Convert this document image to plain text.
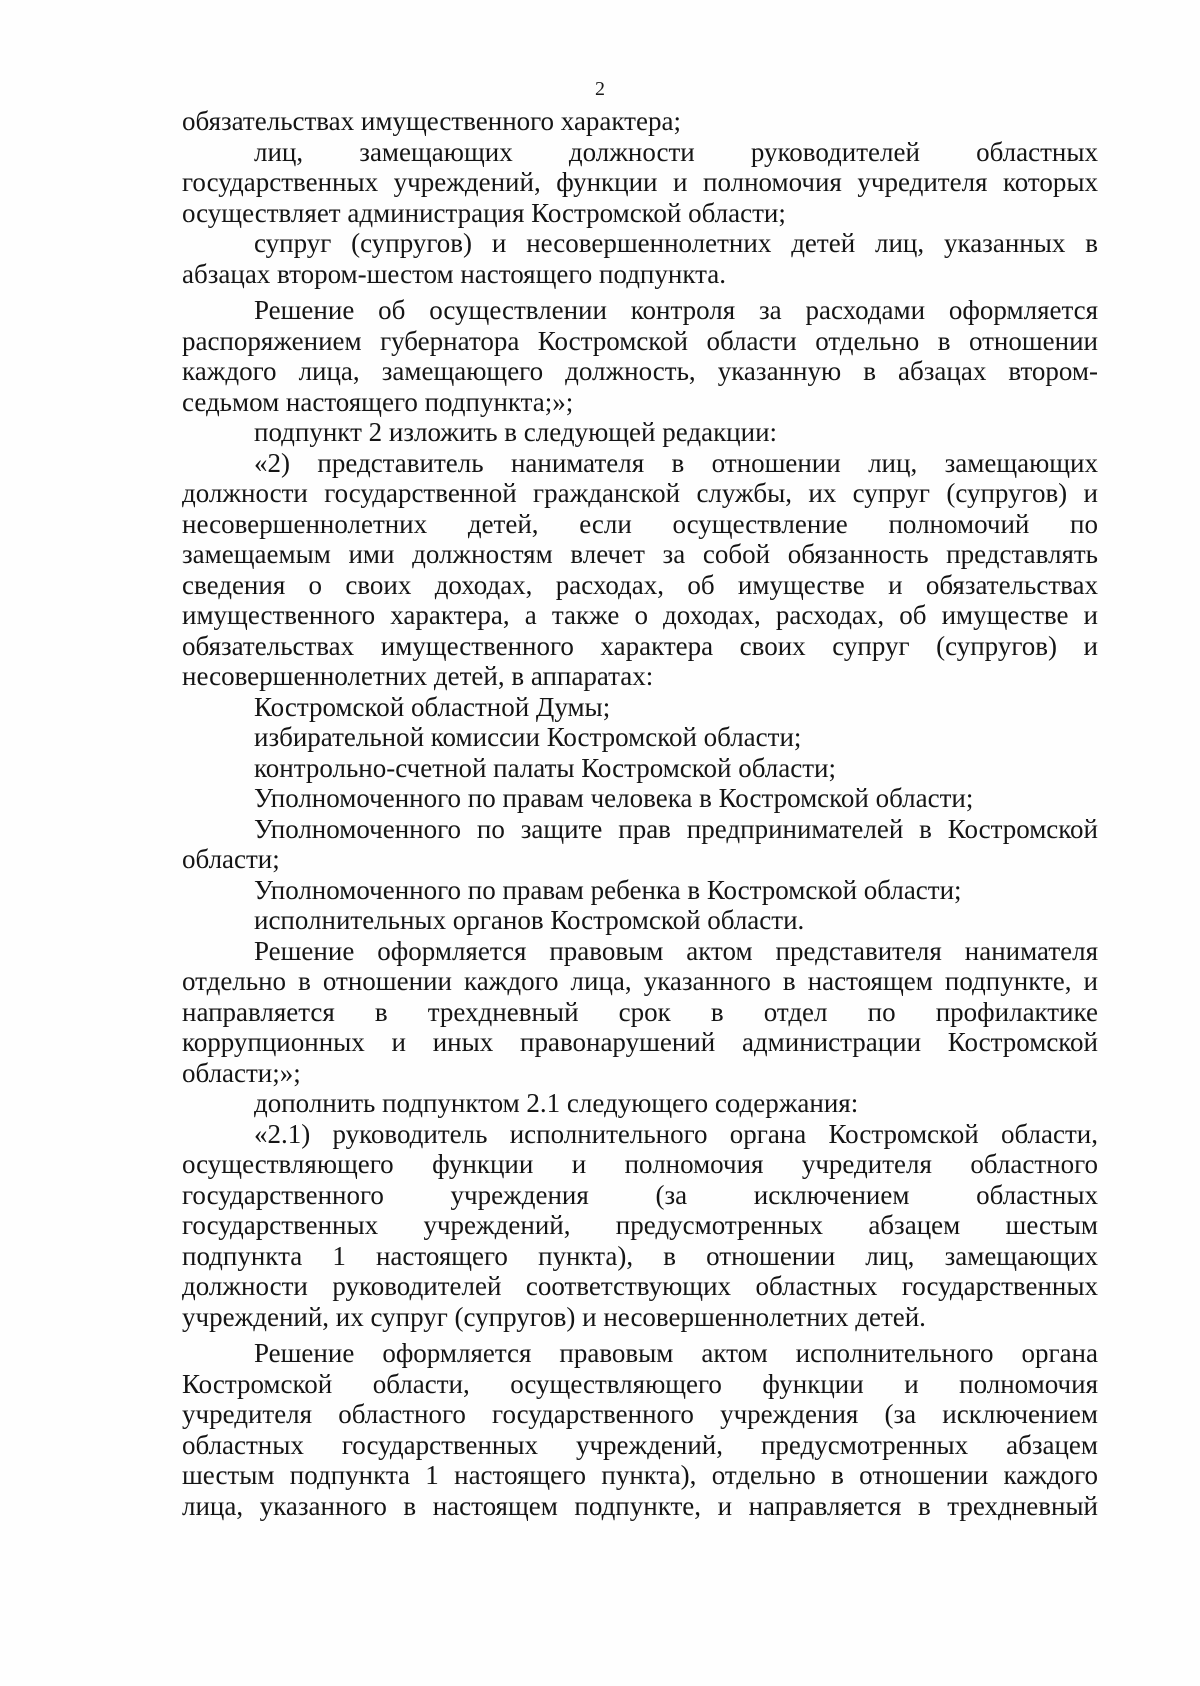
2

обязательствах имущественного характера;

лиц, замещающих должности руководителей областных

государственных учреждений, функции и полномочия учредителя которых

осуществляет администрация Костромской области;

супруг (супругов) и несовершеннолетних детей лиц, указанных в

абзацах втором-шестом настоящего подпункта.

Решение об осуществлении контроля за расходами оформляется

распоряжением губернатора Костромской области отдельно в отношении

каждого лица, замещающего должность, указанную в абзацах втором-

седьмом настоящего подпункта;»;

подпункт 2 изложить в следующей редакции:

«2) представитель нанимателя в отношении лиц, замещающих

должности государственной гражданской службы, их супруг (супругов) и

несовершеннолетних детей, если осуществление полномочий по

замещаемым ими должностям влечет за собой обязанность представлять

сведения о своих доходах, расходах, об имуществе и обязательствах

имущественного характера, а также о доходах, расходах, об имуществе и

обязательствах имущественного характера своих супруг (супругов) и

несовершеннолетних детей, в аппаратах:

Костромской областной Думы;

избирательной комиссии Костромской области;

контрольно-счетной палаты Костромской области;

Уполномоченного по правам человека в Костромской области;

Уполномоченного по защите прав предпринимателей в Костромской

области;

Уполномоченного по правам ребенка в Костромской области;

исполнительных органов Костромской области.

Решение оформляется правовым актом представителя нанимателя

отдельно в отношении каждого лица, указанного в настоящем подпункте, и

направляется в трехдневный срок в отдел по профилактике

коррупционных и иных правонарушений администрации Костромской

области;»;

дополнить подпунктом 2.1 следующего содержания:

«2.1) руководитель исполнительного органа Костромской области,

осуществляющего функции и полномочия учредителя областного

государственного учреждения (за исключением областных

государственных учреждений, предусмотренных абзацем шестым

подпункта 1 настоящего пункта), в отношении лиц, замещающих

должности руководителей соответствующих областных государственных

учреждений, их супруг (супругов) и несовершеннолетних детей.

Решение оформляется правовым актом исполнительного органа

Костромской области, осуществляющего функции и полномочия

учредителя областного государственного учреждения (за исключением

областных государственных учреждений, предусмотренных абзацем

шестым подпункта 1 настоящего пункта), отдельно в отношении каждого

лица, указанного в настоящем подпункте, и направляется в трехдневный
